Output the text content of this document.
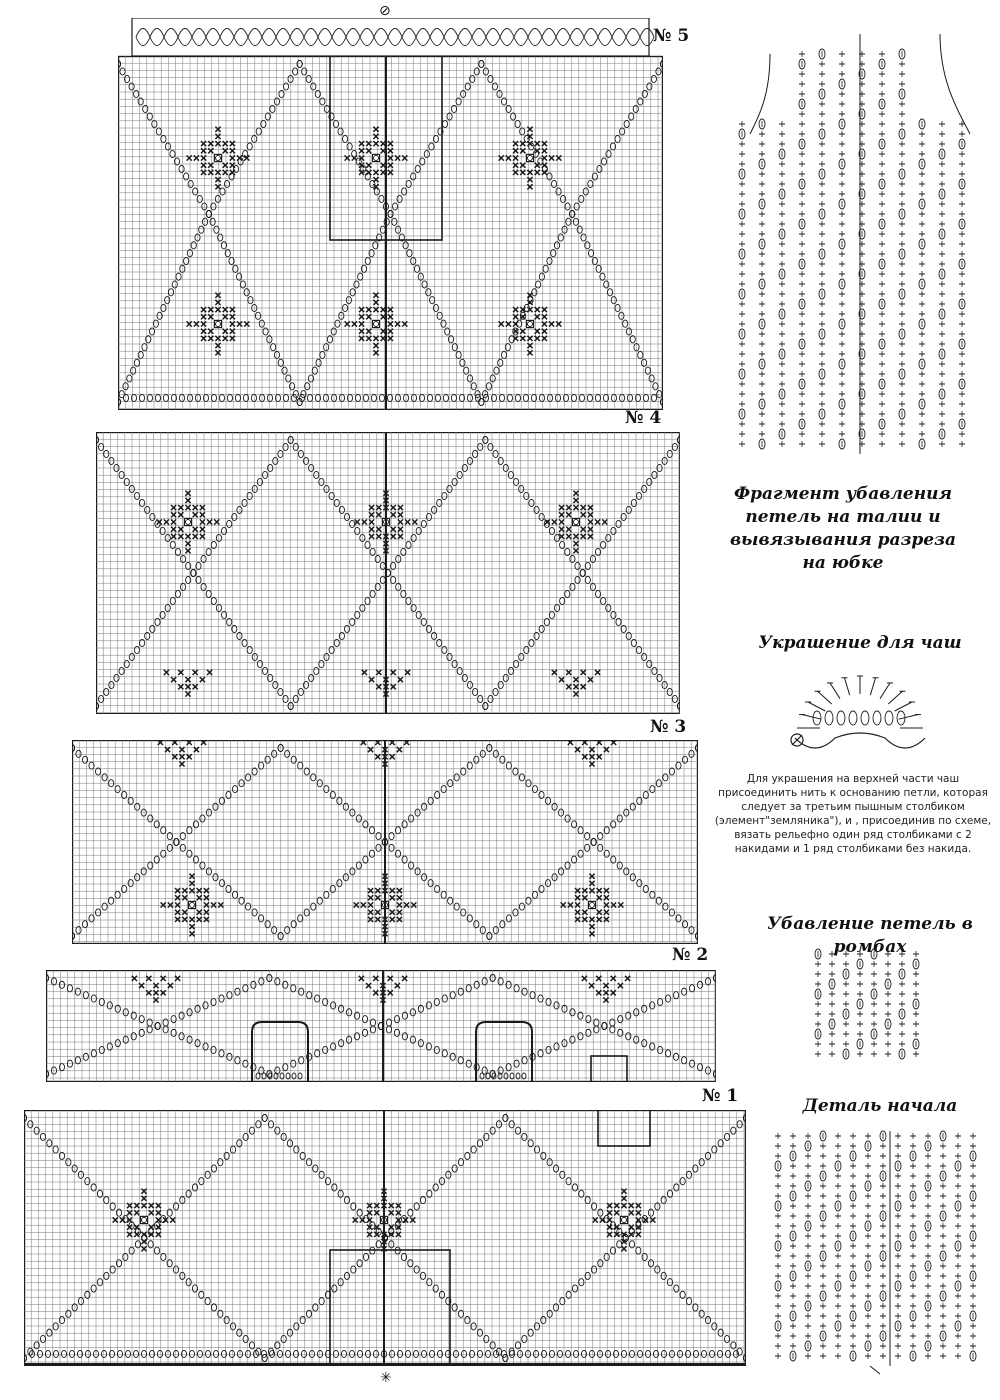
№ 5
⊘
№ 4
№ 3
№ 2
№ 1
✳
Фрагмент убавления петель на талии и вывязывания разреза на юбке
Украшение для чаш
Для украшения на верхней части чаш присоединить нить к основанию петли, которая следует за третьим пышным столбиком (элемент"земляника"), и , присоединив по схеме, вязать рельефно один ряд столбиками с 2 накидами и 1 ряд столбиками без накида.
Убавление петель в ромбах
Деталь начала
